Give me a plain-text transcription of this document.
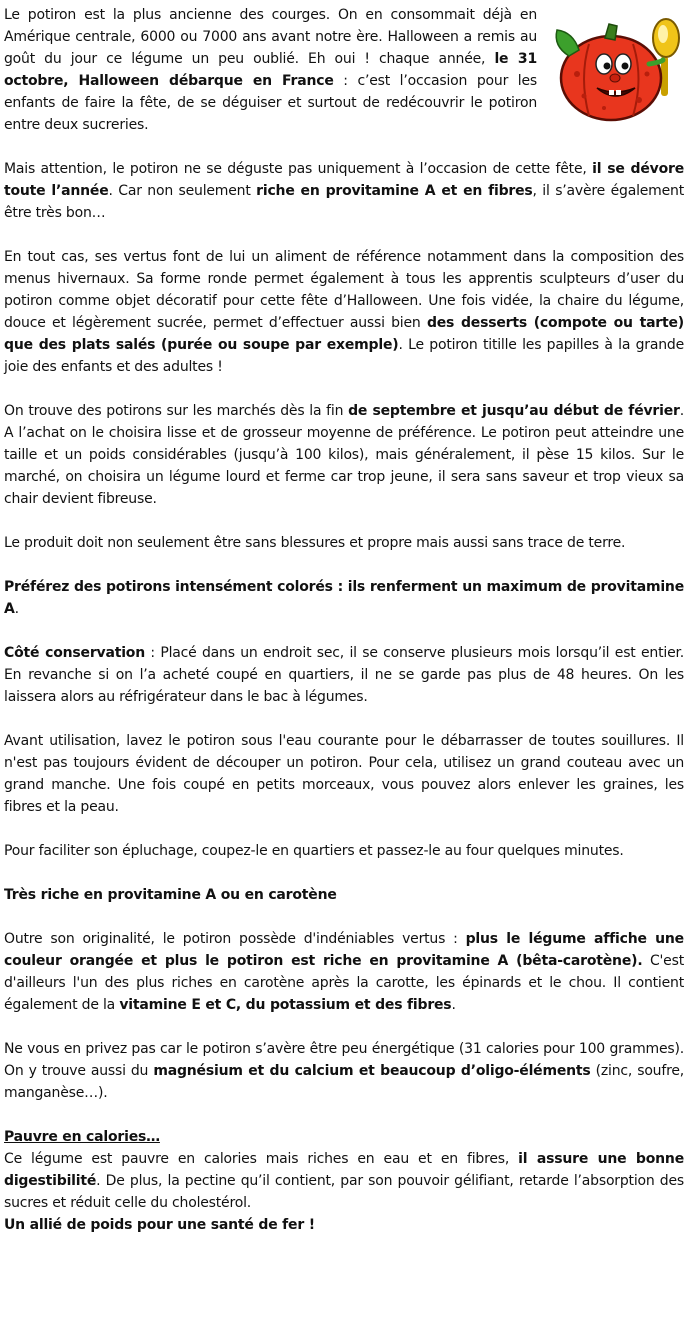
Le potiron est la plus ancienne des courges. On en consommait déjà en Amérique centrale, 6000 ou 7000 ans avant notre ère. Halloween a remis au goût du jour ce légume un peu oublié. Eh oui ! chaque année, le 31 octobre, Halloween débarque en France : c’est l’occasion pour les enfants de faire la fête, de se déguiser et surtout de redécouvrir le potiron entre deux sucreries.

Mais attention, le potiron ne se déguste pas uniquement à l’occasion de cette fête, il se dévore toute l’année. Car non seulement riche en provitamine A et en fibres, il s’avère également être très bon…

En tout cas, ses vertus font de lui un aliment de référence notamment dans la composition des menus hivernaux. Sa forme ronde permet également à tous les apprentis sculpteurs d’user du potiron comme objet décoratif pour cette fête d’Halloween. Une fois vidée, la chaire du légume, douce et légèrement sucrée, permet d’effectuer aussi bien des desserts (compote ou tarte) que des plats salés (purée ou soupe par exemple). Le potiron titille les papilles à la grande joie des enfants et des adultes !

On trouve des potirons sur les marchés dès la fin de septembre et jusqu’au début de février. A l’achat on le choisira lisse et de grosseur moyenne de préférence. Le potiron peut atteindre une taille et un poids considérables (jusqu’à 100 kilos), mais généralement, il pèse 15 kilos. Sur le marché, on choisira un légume lourd et ferme car trop jeune, il sera sans saveur et trop vieux sa chair devient fibreuse.

Le produit doit non seulement être sans blessures et propre mais aussi sans trace de terre.

Préférez des potirons intensément colorés : ils renferment un maximum de provitamine A.

Côté conservation : Placé dans un endroit sec, il se conserve plusieurs mois lorsqu’il est entier. En revanche si on l’a acheté coupé en quartiers, il ne se garde pas plus de 48 heures. On les laissera alors au réfrigérateur dans le bac à légumes.

Avant utilisation, lavez le potiron sous l'eau courante pour le débarrasser de toutes souillures. Il n'est pas toujours évident de découper un potiron. Pour cela, utilisez un grand couteau avec un grand manche. Une fois coupé en petits morceaux, vous pouvez alors enlever les graines, les fibres et la peau.

Pour faciliter son épluchage, coupez-le en quartiers et passez-le au four quelques minutes.

Très riche en provitamine A ou en carotène

Outre son originalité, le potiron possède d'indéniables vertus : plus le légume affiche une couleur orangée et plus le potiron est riche en provitamine A (bêta-carotène). C'est d'ailleurs l'un des plus riches en carotène après la carotte, les épinards et le chou. Il contient également de la vitamine E et C, du potassium et des fibres.

Ne vous en privez pas car le potiron s’avère être peu énergétique (31 calories pour 100 grammes). On y trouve aussi du magnésium et du calcium et beaucoup d’oligo-éléments (zinc, soufre, manganèse…).

Pauvre en calories…
Ce légume est pauvre en calories mais riches en eau et en fibres, il assure une bonne digestibilité. De plus, la pectine qu’il contient, par son pouvoir gélifiant, retarde l’absorption des sucres et réduit celle du cholestérol.
Un allié de poids pour une santé de fer !
